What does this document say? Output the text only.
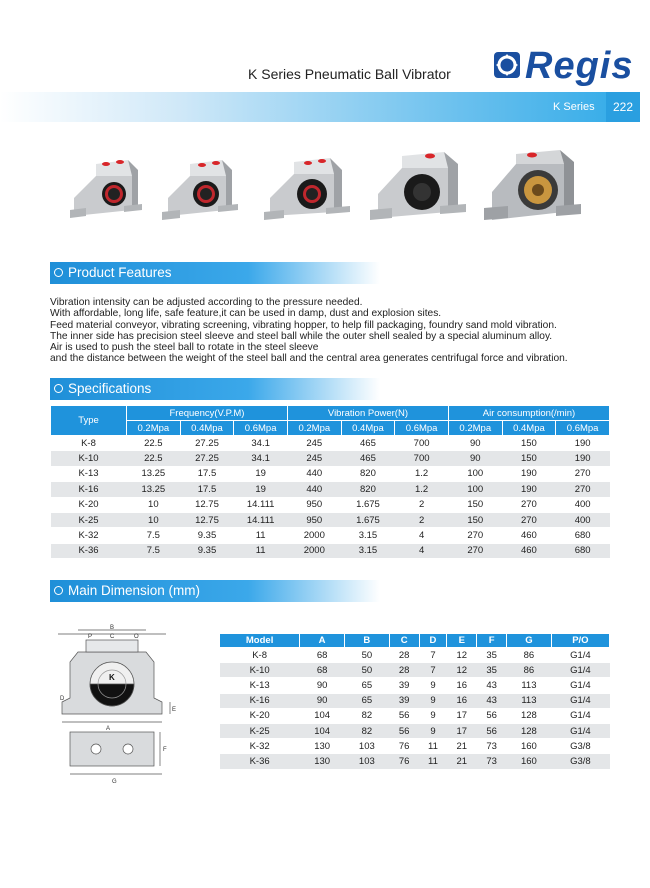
K Series Pneumatic Ball Vibrator Regis
K Series	222
Product Features
Vibration intensity can be adjusted according to the pressure needed.
With affordable, long life, safe feature,it can be used in damp, dust and explosion sites.
Feed material conveyor, vibrating screening, vibrating hopper, to help fill packaging, foundry sand mold vibration.
The inner side has precision steel sleeve and steel ball while the outer shell sealed by a special aluminum alloy.
Air is used to push the steel ball to rotate in the steel sleeve
and the distance between the weight of the steel ball and the central area generates centrifugal force and vibration.
Specifications
Type	Frequency(V.P.M)			Vibration Power(N)			Air consumption(/min)		
	0.2Mpa	0.4Mpa	0.6Mpa	0.2Mpa	0.4Mpa	0.6Mpa	0.2Mpa	0.4Mpa	0.6Mpa
K-8	22.5	27.25	34.1	245	465	700	90	150	190
K-10	22.5	27.25	34.1	245	465	700	90	150	190
K-13	13.25	17.5	19	440	820	1.2	100	190	270
K-16	13.25	17.5	19	440	820	1.2	100	190	270
K-20	10	12.75	14.111	950	1.675	2	150	270	400
K-25	10	12.75	14.111	950	1.675	2	150	270	400
K-32	7.5	9.35	11	2000	3.15	4	270	460	680
K-36	7.5	9.35	11	2000	3.15	4	270	460	680
Main Dimension (mm)
B
P	C	O
K
D
A
E
F
G
Model	A	B	C	D	E	F	G	P/O
K-8	68	50	28	7	12	35	86	G1/4
K-10	68	50	28	7	12	35	86	G1/4
K-13	90	65	39	9	16	43	113	G1/4
K-16	90	65	39	9	16	43	113	G1/4
K-20	104	82	56	9	17	56	128	G1/4
K-25	104	82	56	9	17	56	128	G1/4
K-32	130	103	76	11	21	73	160	G3/8
K-36	130	103	76	11	21	73	160	G3/8
